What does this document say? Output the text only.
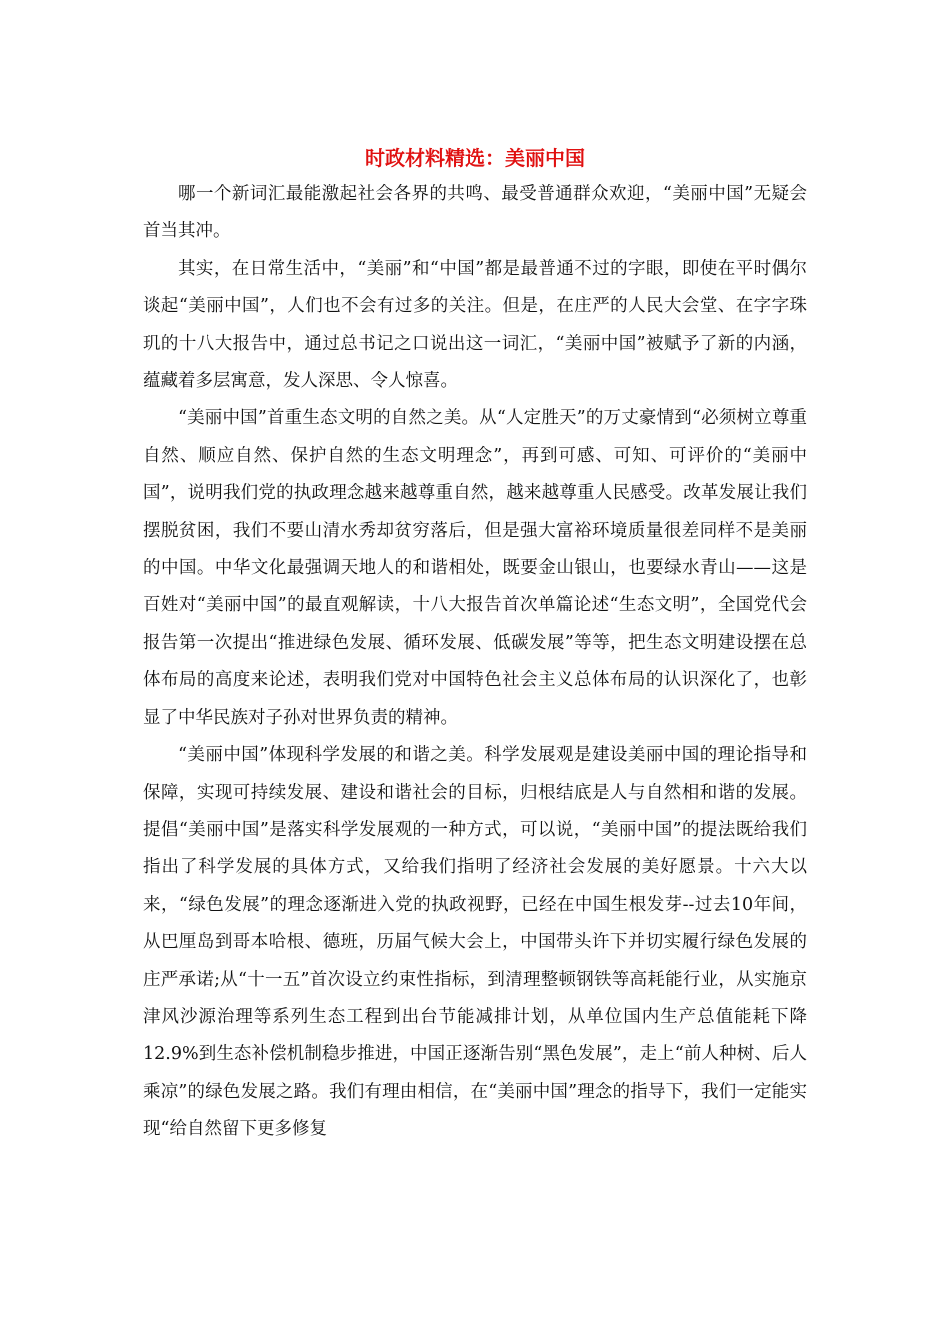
时政材料精选：美丽中国

哪一个新词汇最能激起社会各界的共鸣、最受普通群众欢迎，“美丽中国”无疑会首当其冲。

其实，在日常生活中，“美丽”和“中国”都是最普通不过的字眼，即使在平时偶尔谈起“美丽中国”，人们也不会有过多的关注。但是，在庄严的人民大会堂、在字字珠玑的十八大报告中，通过总书记之口说出这一词汇，“美丽中国”被赋予了新的内涵，蕴藏着多层寓意，发人深思、令人惊喜。

“美丽中国”首重生态文明的自然之美。从“人定胜天”的万丈豪情到“必须树立尊重自然、顺应自然、保护自然的生态文明理念”，再到可感、可知、可评价的“美丽中国”，说明我们党的执政理念越来越尊重自然，越来越尊重人民感受。改革发展让我们摆脱贫困，我们不要山清水秀却贫穷落后，但是强大富裕环境质量很差同样不是美丽的中国。中华文化最强调天地人的和谐相处，既要金山银山，也要绿水青山——这是百姓对“美丽中国”的最直观解读，十八大报告首次单篇论述“生态文明”，全国党代会报告第一次提出“推进绿色发展、循环发展、低碳发展”等等，把生态文明建设摆在总体布局的高度来论述，表明我们党对中国特色社会主义总体布局的认识深化了，也彰显了中华民族对子孙对世界负责的精神。

“美丽中国”体现科学发展的和谐之美。科学发展观是建设美丽中国的理论指导和保障，实现可持续发展、建设和谐社会的目标，归根结底是人与自然相和谐的发展。提倡“美丽中国”是落实科学发展观的一种方式，可以说，“美丽中国”的提法既给我们指出了科学发展的具体方式，又给我们指明了经济社会发展的美好愿景。十六大以来，“绿色发展”的理念逐渐进入党的执政视野，已经在中国生根发芽--过去10年间，从巴厘岛到哥本哈根、德班，历届气候大会上，中国带头许下并切实履行绿色发展的庄严承诺;从“十一五”首次设立约束性指标，到清理整顿钢铁等高耗能行业，从实施京津风沙源治理等系列生态工程到出台节能减排计划，从单位国内生产总值能耗下降12.9%到生态补偿机制稳步推进，中国正逐渐告别“黑色发展”，走上“前人种树、后人乘凉”的绿色发展之路。我们有理由相信，在“美丽中国”理念的指导下，我们一定能实现“给自然留下更多修复
